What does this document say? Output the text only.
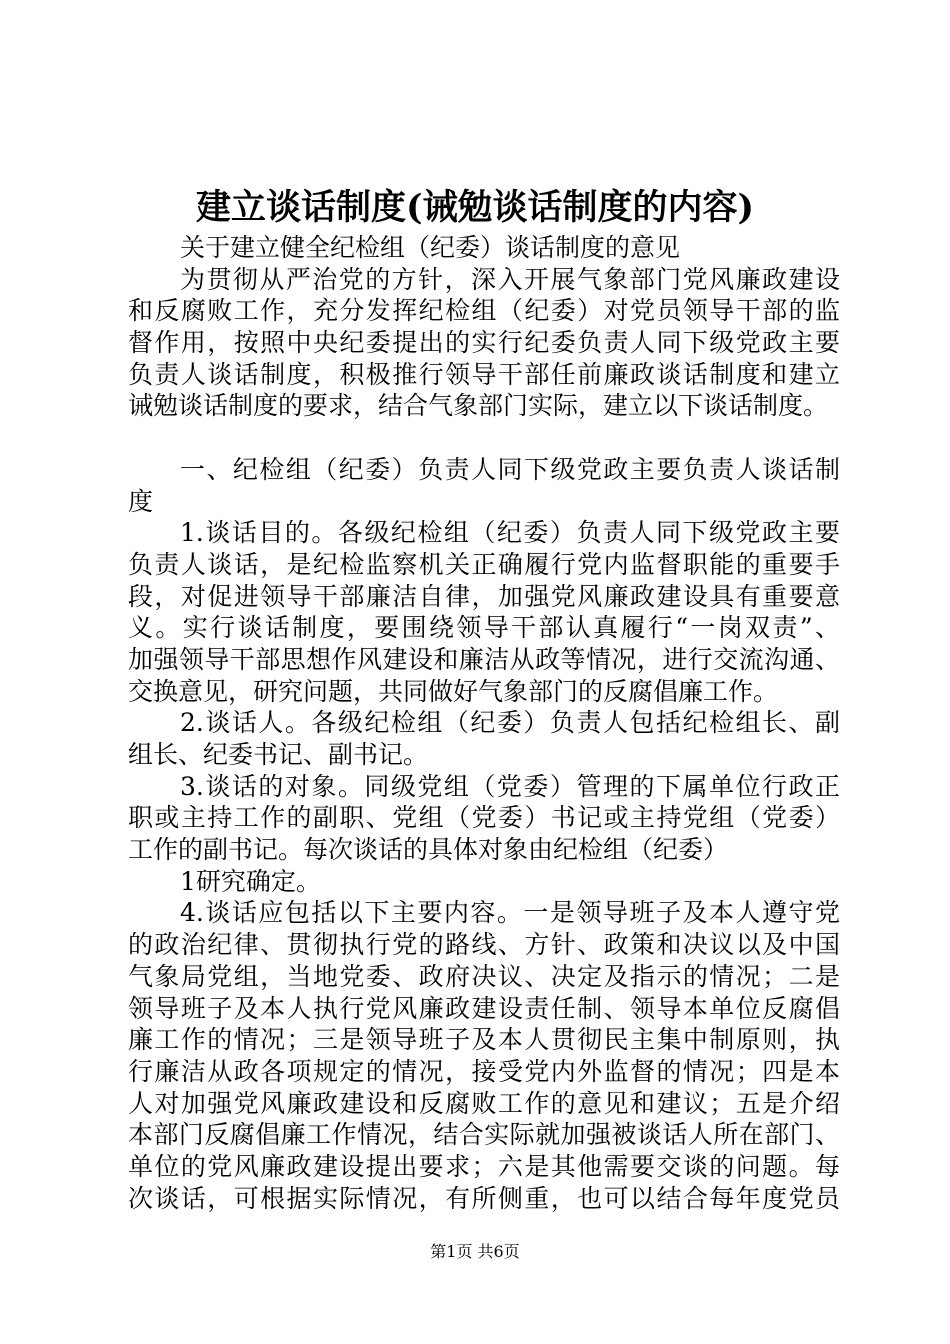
建立谈话制度(诫勉谈话制度的内容)
关于建立健全纪检组（纪委）谈话制度的意见
为贯彻从严治党的方针，深入开展气象部门党风廉政建设
和反腐败工作，充分发挥纪检组（纪委）对党员领导干部的监
督作用，按照中央纪委提出的实行纪委负责人同下级党政主要
负责人谈话制度，积极推行领导干部任前廉政谈话制度和建立
诫勉谈话制度的要求，结合气象部门实际，建立以下谈话制度。
一、纪检组（纪委）负责人同下级党政主要负责人谈话制
度
1.谈话目的。各级纪检组（纪委）负责人同下级党政主要
负责人谈话，是纪检监察机关正确履行党内监督职能的重要手
段，对促进领导干部廉洁自律，加强党风廉政建设具有重要意
义。实行谈话制度，要围绕领导干部认真履行“一岗双责”、
加强领导干部思想作风建设和廉洁从政等情况，进行交流沟通、
交换意见，研究问题，共同做好气象部门的反腐倡廉工作。
2.谈话人。各级纪检组（纪委）负责人包括纪检组长、副
组长、纪委书记、副书记。
3.谈话的对象。同级党组（党委）管理的下属单位行政正
职或主持工作的副职、党组（党委）书记或主持党组（党委）
工作的副书记。每次谈话的具体对象由纪检组（纪委）
1研究确定。
4.谈话应包括以下主要内容。一是领导班子及本人遵守党
的政治纪律、贯彻执行党的路线、方针、政策和决议以及中国
气象局党组，当地党委、政府决议、决定及指示的情况；二是
领导班子及本人执行党风廉政建设责任制、领导本单位反腐倡
廉工作的情况；三是领导班子及本人贯彻民主集中制原则，执
行廉洁从政各项规定的情况，接受党内外监督的情况；四是本
人对加强党风廉政建设和反腐败工作的意见和建议；五是介绍
本部门反腐倡廉工作情况，结合实际就加强被谈话人所在部门、
单位的党风廉政建设提出要求；六是其他需要交谈的问题。每
次谈话，可根据实际情况，有所侧重，也可以结合每年度党员
第1页 共6页
